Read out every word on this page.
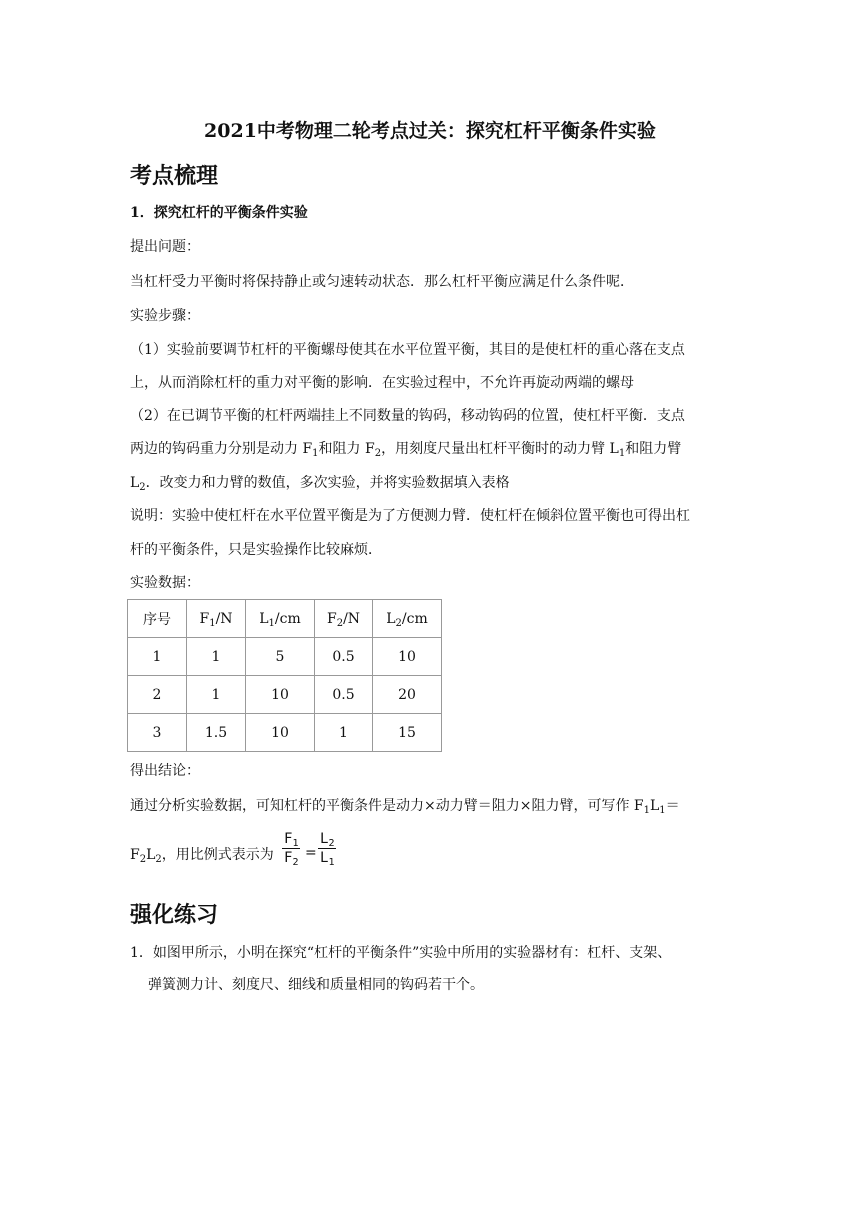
2021中考物理二轮考点过关：探究杠杆平衡条件实验
考点梳理
1．探究杠杆的平衡条件实验
提出问题：
当杠杆受力平衡时将保持静止或匀速转动状态．那么杠杆平衡应满足什么条件呢．
实验步骤：
（1）实验前要调节杠杆的平衡螺母使其在水平位置平衡，其目的是使杠杆的重心落在支点
上，从而消除杠杆的重力对平衡的影响．在实验过程中，不允许再旋动两端的螺母
（2）在已调节平衡的杠杆两端挂上不同数量的钩码，移动钩码的位置，使杠杆平衡．支点
两边的钩码重力分别是动力 $F_1$和阻力 $F_2$，用刻度尺量出杠杆平衡时的动力臂 $L_1$和阻力臂
$L_2$．改变力和力臂的数值，多次实验，并将实验数据填入表格
说明：实验中使杠杆在水平位置平衡是为了方便测力臂．使杠杆在倾斜位置平衡也可得出杠
杆的平衡条件，只是实验操作比较麻烦．
实验数据：
序号	$F_1/N$	$L_1/cm$	$F_2/N$	$L_2/cm$
1	1	5	0.5	10
2	1	10	0.5	20
3	1.5	10	1	15
得出结论：
通过分析实验数据，可知杠杆的平衡条件是动力×动力臂＝阻力×阻力臂，可写作 $F_1L_1=$
$F_2L_2$，用比例式表示为 $\frac{F_1}{F_2} = \frac{L_2}{L_1}$
强化练习
1．如图甲所示，小明在探究“杠杆的平衡条件”实验中所用的实验器材有：杠杆、支架、
弹簧测力计、刻度尺、细线和质量相同的钩码若干个。
